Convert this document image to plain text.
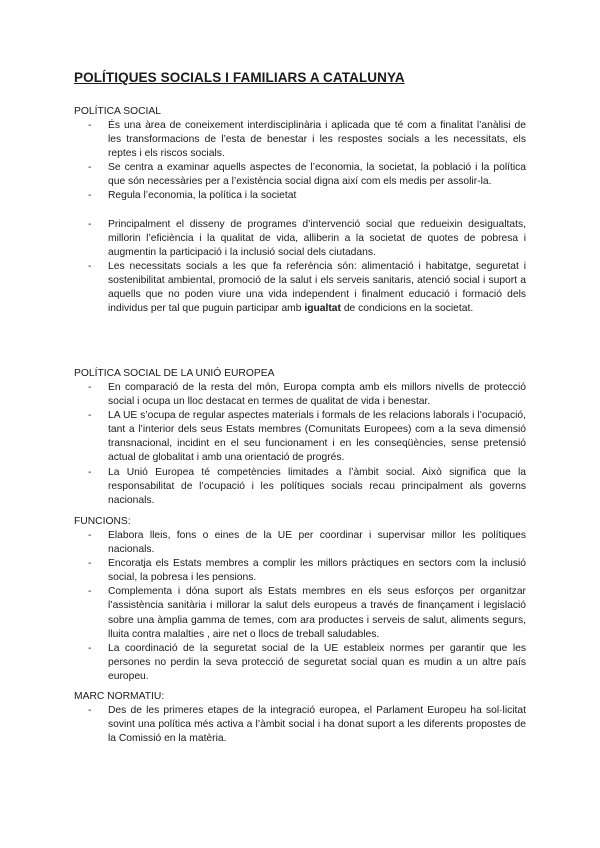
POLÍTIQUES SOCIALS I FAMILIARS A CATALUNYA

POLÍTICA SOCIAL

- És una àrea de coneixement interdisciplinària i aplicada que té com a finalitat l’anàlisi de les transformacions de l’esta de benestar i les respostes socials a les necessitats, els reptes i els riscos socials.
- Se centra a examinar aquells aspectes de l’economia, la societat, la població i la política que són necessàries per a l’existència social digna així com els medis per assolir-la.
- Regula l’economia, la política i la societat
- Principalment el disseny de programes d’intervenció social que redueixin desigualtats, millorin l’eficiència i la qualitat de vida, alliberin a la societat de quotes de pobresa i augmentin la participació i la inclusió social dels ciutadans.
- Les necessitats socials a les que fa referència són: alimentació i habitatge, seguretat i sostenibilitat ambiental, promoció de la salut i els serveis sanitaris, atenció social i suport a aquells que no poden viure una vida independent i finalment educació i formació dels individus per tal que puguin participar amb igualtat de condicions en la societat.

POLÍTICA SOCIAL DE LA UNIÓ EUROPEA

- En comparació de la resta del món, Europa compta amb els millors nivells de protecció social i ocupa un lloc destacat en termes de qualitat de vida i benestar.
- LA UE s’ocupa de regular aspectes materials i formals de les relacions laborals i l’ocupació, tant a l’interior dels seus Estats membres (Comunitats Europees) com a la seva dimensió transnacional, incidint en el seu funcionament i en les conseqüències, sense pretensió actual de globalitat i amb una orientació de progrés.
- La Unió Europea té competències limitades a l’àmbit social. Això significa que la responsabilitat de l’ocupació i les polítiques socials recau principalment als governs nacionals.

FUNCIONS:

- Elabora lleis, fons o eines de la UE per coordinar i supervisar millor les polítiques nacionals.
- Encoratja els Estats membres a complir les millors pràctiques en sectors com la inclusió social, la pobresa i les pensions.
- Complementa i dóna suport als Estats membres en els seus esforços per organitzar l’assistència sanitària i millorar la salut dels europeus a través de finançament i legislació sobre una àmplia gamma de temes, com ara productes i serveis de salut, aliments segurs, lluita contra malalties , aire net o llocs de treball saludables.
- La coordinació de la seguretat social de la UE estableix normes per garantir que les persones no perdin la seva protecció de seguretat social quan es mudin a un altre país europeu.

MARC NORMATIU:

- Des de les primeres etapes de la integració europea, el Parlament Europeu ha sol·licitat sovint una política més activa a l’àmbit social i ha donat suport a les diferents propostes de la Comissió en la matèria.
